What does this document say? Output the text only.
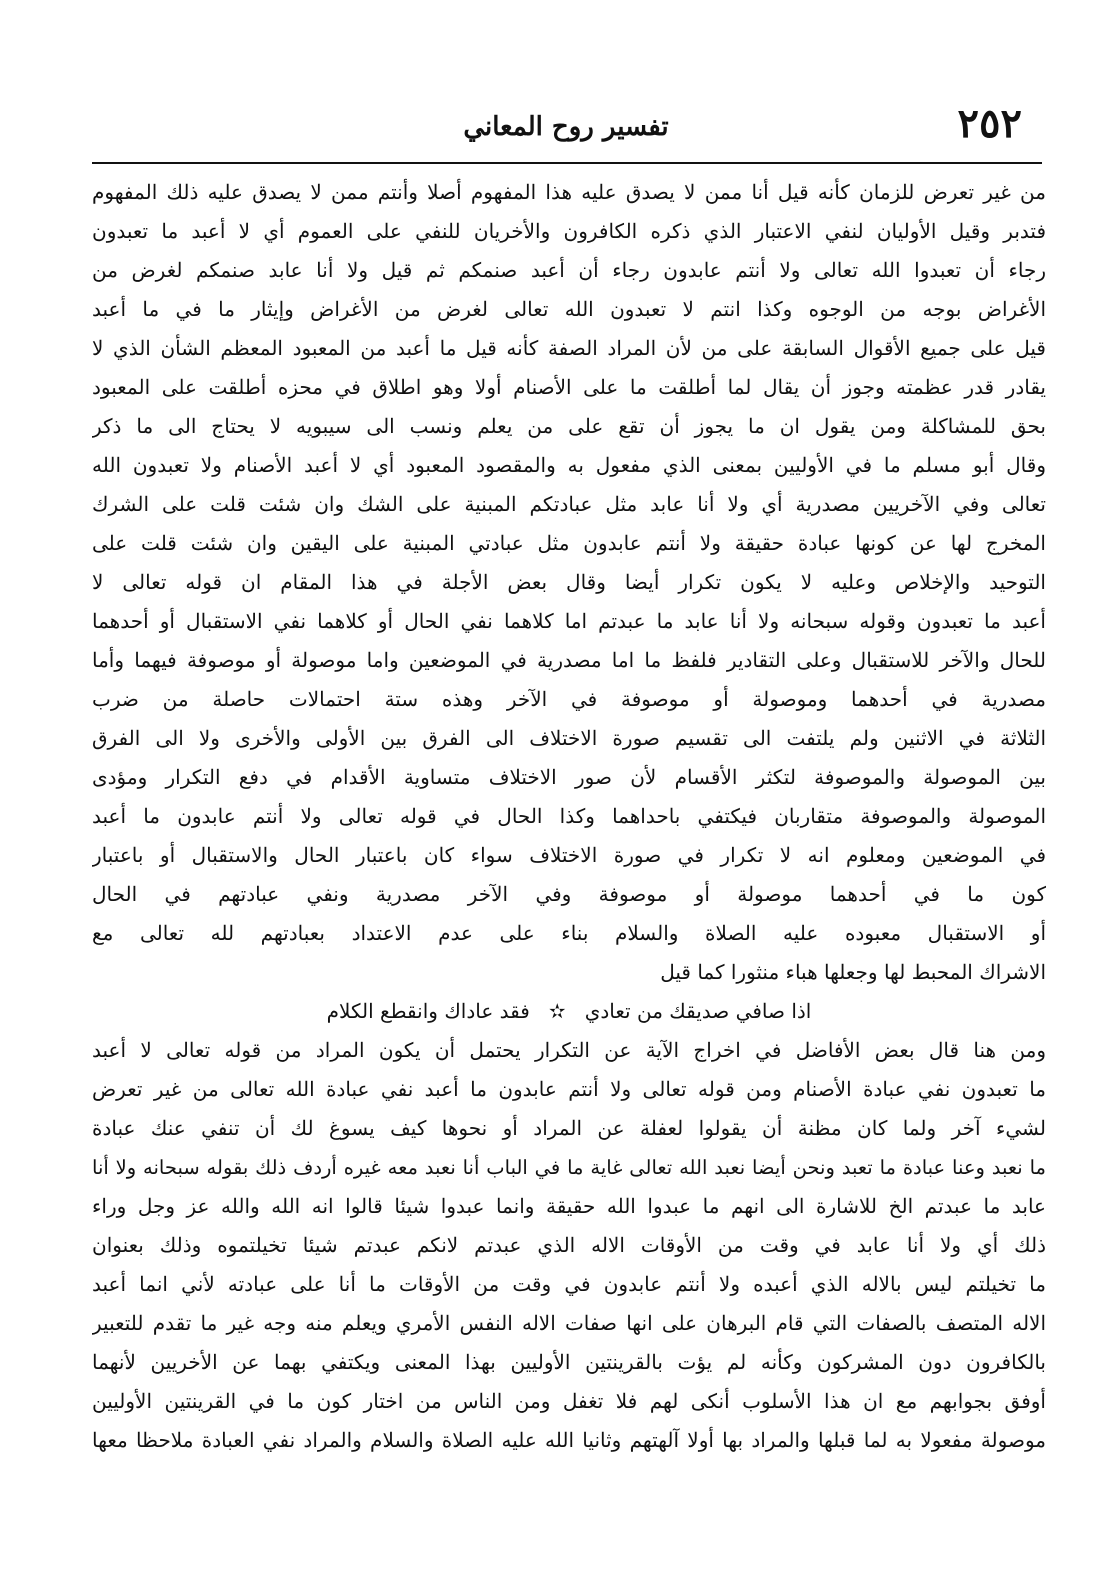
٢٥٢
تفسير روح المعاني
من غير تعرض للزمان كأنه قيل أنا ممن لا يصدق عليه هذا المفهوم أصلا وأنتم ممن لا يصدق عليه ذلك المفهوم
فتدبر وقيل الأوليان لنفي الاعتبار الذي ذكره الكافرون والأخريان للنفي على العموم أي لا أعبد ما تعبدون
رجاء أن تعبدوا الله تعالى ولا أنتم عابدون رجاء أن أعبد صنمكم ثم قيل ولا أنا عابد صنمكم لغرض من
الأغراض بوجه من الوجوه وكذا انتم لا تعبدون الله تعالى لغرض من الأغراض وإيثار ما في ما أعبد
قيل على جميع الأقوال السابقة على من لأن المراد الصفة كأنه قيل ما أعبد من المعبود المعظم الشأن الذي لا
يقادر قدر عظمته وجوز أن يقال لما أطلقت ما على الأصنام أولا وهو اطلاق في محزه أطلقت على المعبود
بحق للمشاكلة ومن يقول ان ما يجوز أن تقع على من يعلم ونسب الى سيبويه لا يحتاج الى ما ذكر
وقال أبو مسلم ما في الأوليين بمعنى الذي مفعول به والمقصود المعبود أي لا أعبد الأصنام ولا تعبدون الله
تعالى وفي الآخريين مصدرية أي ولا أنا عابد مثل عبادتكم المبنية على الشك وان شئت قلت على الشرك
المخرج لها عن كونها عبادة حقيقة ولا أنتم عابدون مثل عبادتي المبنية على اليقين وان شئت قلت على
التوحيد والإخلاص وعليه لا يكون تكرار أيضا وقال بعض الأجلة في هذا المقام ان قوله تعالى لا
أعبد ما تعبدون وقوله سبحانه ولا أنا عابد ما عبدتم اما كلاهما نفي الحال أو كلاهما نفي الاستقبال أو أحدهما
للحال والآخر للاستقبال وعلى التقادير فلفظ ما اما مصدرية في الموضعين واما موصولة أو موصوفة فيهما وأما
مصدرية في أحدهما وموصولة أو موصوفة في الآخر وهذه ستة احتمالات حاصلة من ضرب
الثلاثة في الاثنين ولم يلتفت الى تقسيم صورة الاختلاف الى الفرق بين الأولى والأخرى ولا الى الفرق
بين الموصولة والموصوفة لتكثر الأقسام لأن صور الاختلاف متساوية الأقدام في دفع التكرار ومؤدى
الموصولة والموصوفة متقاربان فيكتفي باحداهما وكذا الحال في قوله تعالى ولا أنتم عابدون ما أعبد
في الموضعين ومعلوم انه لا تكرار في صورة الاختلاف سواء كان باعتبار الحال والاستقبال أو باعتبار
كون ما في أحدهما موصولة أو موصوفة وفي الآخر مصدرية ونفي عبادتهم في الحال
أو الاستقبال معبوده عليه الصلاة والسلام بناء على عدم الاعتداد بعبادتهم لله تعالى مع
الاشراك المحبط لها وجعلها هباء منثورا كما قيل
اذا صافي صديقك من تعادي   ✫   فقد عاداك وانقطع الكلام
ومن هنا قال بعض الأفاضل في اخراج الآية عن التكرار يحتمل أن يكون المراد من قوله تعالى لا أعبد
ما تعبدون نفي عبادة الأصنام ومن قوله تعالى ولا أنتم عابدون ما أعبد نفي عبادة الله تعالى من غير تعرض
لشيء آخر ولما كان مظنة أن يقولوا لعفلة عن المراد أو نحوها كيف يسوغ لك أن تنفي عنك عبادة
ما نعبد وعنا عبادة ما تعبد ونحن أيضا نعبد الله تعالى غاية ما في الباب أنا نعبد معه غيره أردف ذلك بقوله سبحانه ولا أنا
عابد ما عبدتم الخ للاشارة الى انهم ما عبدوا الله حقيقة وانما عبدوا شيئا قالوا انه الله والله عز وجل وراء
ذلك أي ولا أنا عابد في وقت من الأوقات الاله الذي عبدتم لانكم عبدتم شيئا تخيلتموه وذلك بعنوان
ما تخيلتم ليس بالاله الذي أعبده ولا أنتم عابدون في وقت من الأوقات ما أنا على عبادته لأني انما أعبد
الاله المتصف بالصفات التي قام البرهان على انها صفات الاله النفس الأمري ويعلم منه وجه غير ما تقدم للتعبير
بالكافرون دون المشركون وكأنه لم يؤت بالقرينتين الأوليين بهذا المعنى ويكتفي بهما عن الأخريين لأنهما
أوفق بجوابهم مع ان هذا الأسلوب أنكى لهم فلا تغفل ومن الناس من اختار كون ما في القرينتين الأوليين
موصولة مفعولا به لما قبلها والمراد بها أولا آلهتهم وثانيا الله عليه الصلاة والسلام والمراد نفي العبادة ملاحظا معها
